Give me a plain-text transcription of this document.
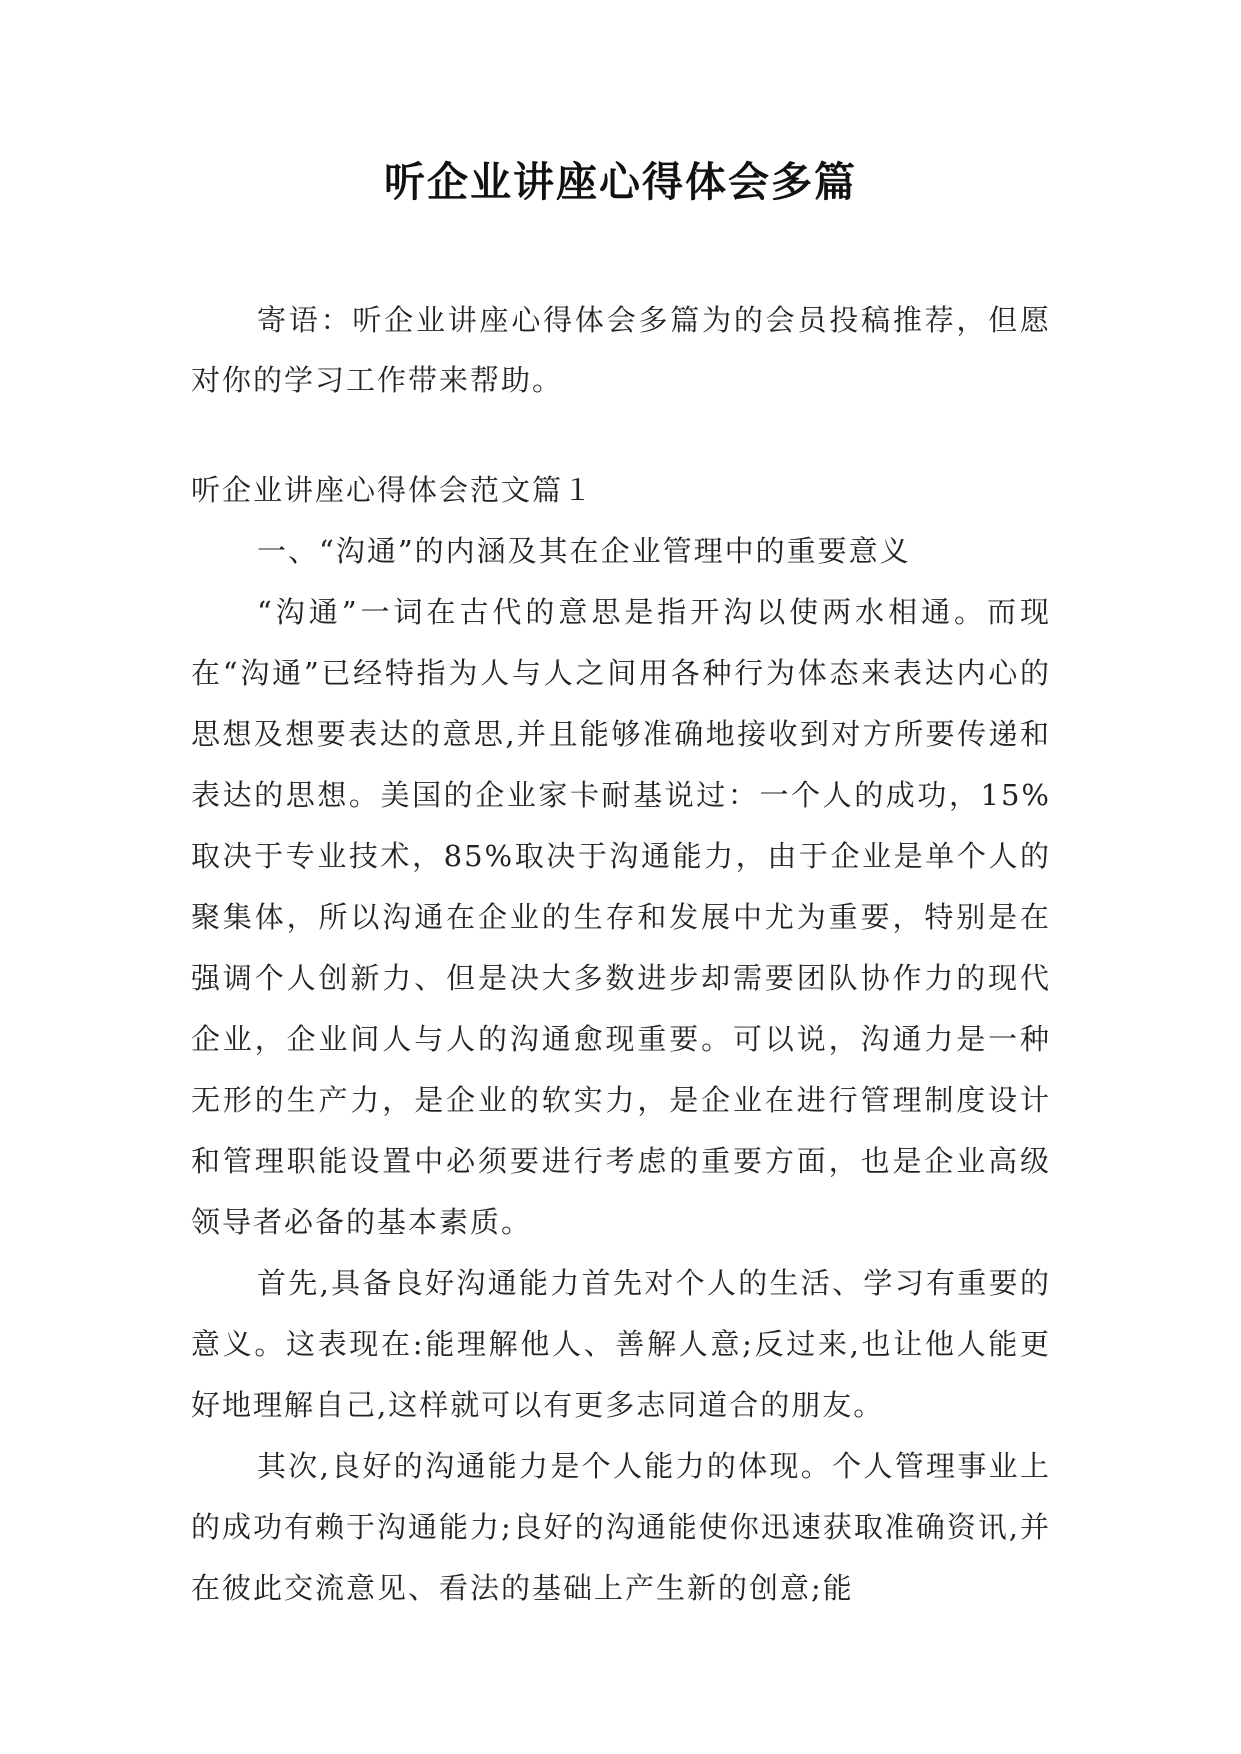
听企业讲座心得体会多篇
寄语：听企业讲座心得体会多篇为的会员投稿推荐，但愿对你的学习工作带来帮助。
听企业讲座心得体会范文篇１

一、“沟通”的内涵及其在企业管理中的重要意义

“沟通”一词在古代的意思是指开沟以使两水相通。而现在“沟通”已经特指为人与人之间用各种行为体态来表达内心的思想及想要表达的意思,并且能够准确地接收到对方所要传递和表达的思想。美国的企业家卡耐基说过：一个人的成功，15%取决于专业技术，85%取决于沟通能力，由于企业是单个人的聚集体，所以沟通在企业的生存和发展中尤为重要，特别是在强调个人创新力、但是决大多数进步却需要团队协作力的现代企业，企业间人与人的沟通愈现重要。可以说，沟通力是一种无形的生产力，是企业的软实力，是企业在进行管理制度设计和管理职能设置中必须要进行考虑的重要方面，也是企业高级领导者必备的基本素质。

首先,具备良好沟通能力首先对个人的生活、学习有重要的意义。这表现在:能理解他人、善解人意;反过来,也让他人能更好地理解自己,这样就可以有更多志同道合的朋友。

其次,良好的沟通能力是个人能力的体现。个人管理事业上的成功有赖于沟通能力;良好的沟通能使你迅速获取准确资讯,并在彼此交流意见、看法的基础上产生新的创意;能
